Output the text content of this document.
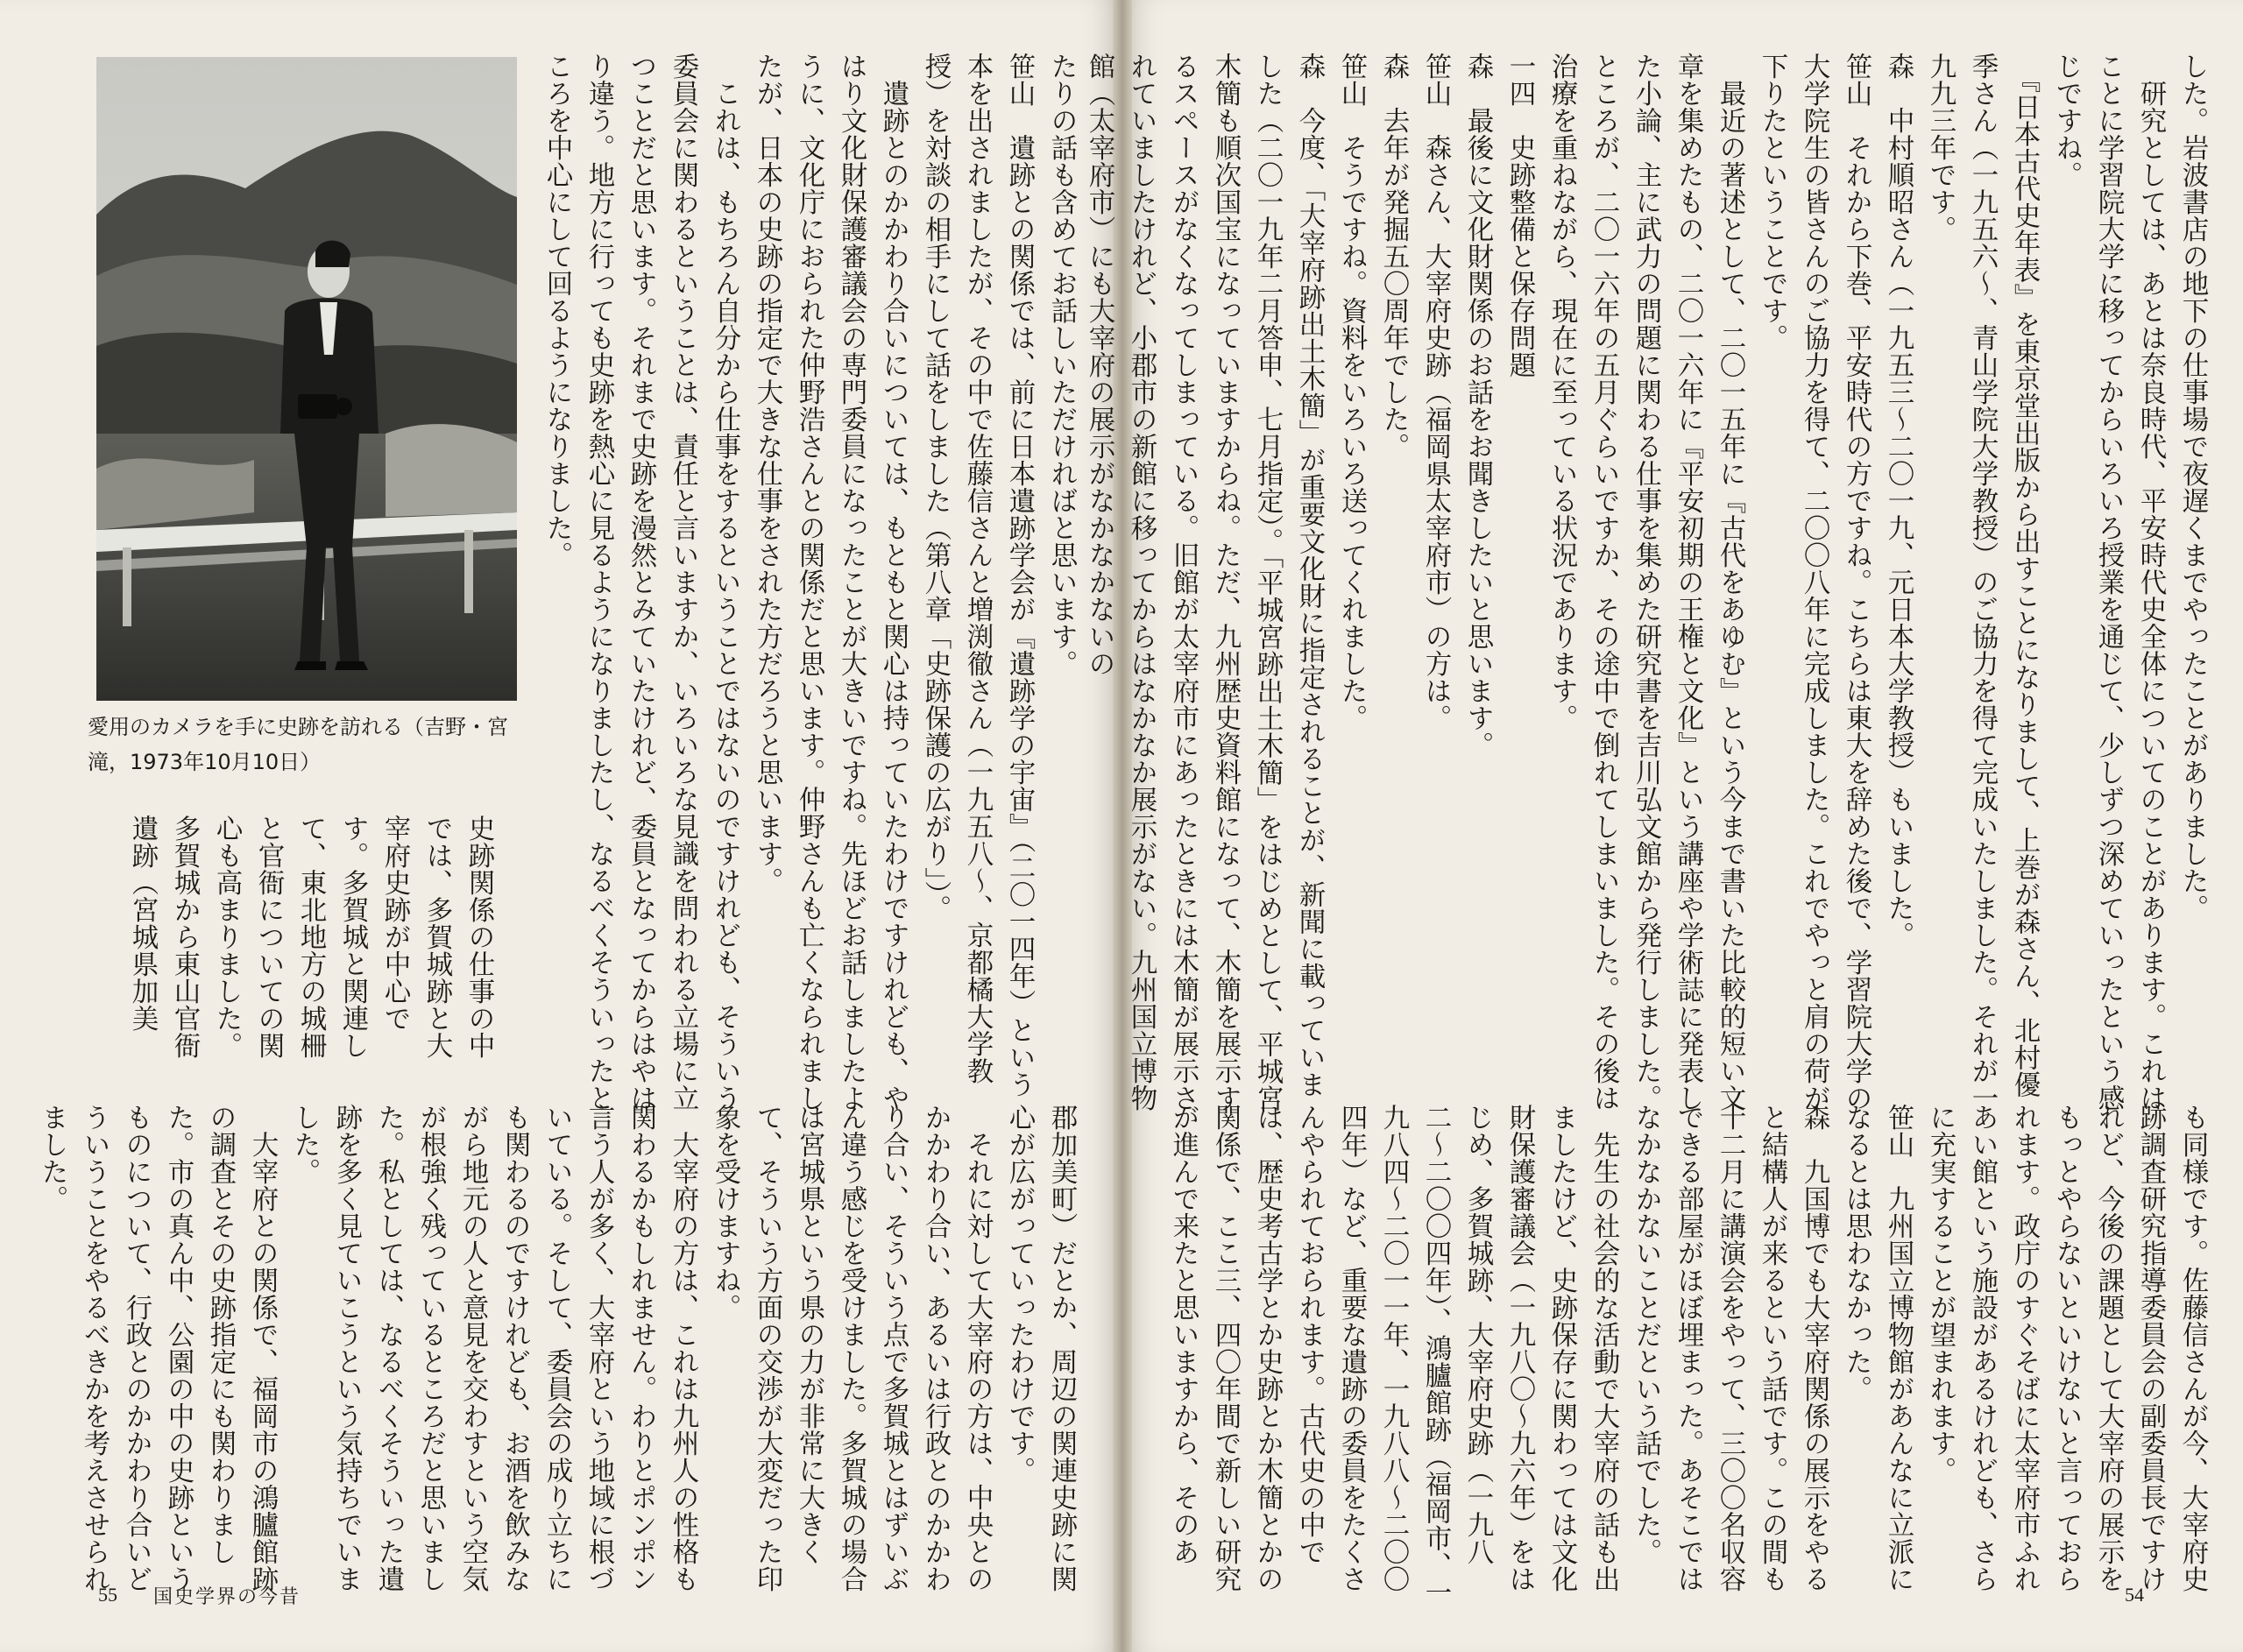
した。岩波書店の地下の仕事場で夜遅くまでやったことがありました。
　研究としては、あとは奈良時代、平安時代史全体についてのことがあります。これはことに学習院大学に移ってからいろいろ授業を通じて、少しずつ深めていったという感じですね。
　『日本古代史年表』を東京堂出版から出すことになりまして、上巻が森さん、北村優季さん（一九五六〜、青山学院大学教授）のご協力を得て完成いたしました。それが一九九三年です。
森　中村順昭さん（一九五三〜二〇一九、元日本大学教授）もいました。
笹山　それから下巻、平安時代の方ですね。こちらは東大を辞めた後で、学習院大学の大学院生の皆さんのご協力を得て、二〇〇八年に完成しました。これでやっと肩の荷が下りたということです。
　最近の著述として、二〇一五年に『古代をあゆむ』という今まで書いた比較的短い文章を集めたもの、二〇一六年に『平安初期の王権と文化』という講座や学術誌に発表した小論、主に武力の問題に関わる仕事を集めた研究書を吉川弘文館から発行しました。ところが、二〇一六年の五月ぐらいですか、その途中で倒れてしまいました。その後は治療を重ねながら、現在に至っている状況であります。
一四　史跡整備と保存問題
森　最後に文化財関係のお話をお聞きしたいと思います。
笹山　森さん、大宰府史跡（福岡県太宰府市）の方は。
森　去年が発掘五〇周年でした。
笹山　そうですね。資料をいろいろ送ってくれました。
森　今度、「大宰府跡出土木簡」が重要文化財に指定されることが、新聞に載っていました（二〇一九年二月答申、七月指定）。「平城宮跡出土木簡」をはじめとして、平城宮木簡も順次国宝になっていますからね。ただ、九州歴史資料館になって、木簡を展示するスペースがなくなってしまっている。旧館が太宰府市にあったときには木簡が展示されていましたけれど、小郡市の新館に移ってからはなかなか展示がない。九州国立博物館（太宰府市）にも大宰府の展示がなかなかないの
も同様です。佐藤信さんが今、大宰府史跡調査研究指導委員会の副委員長ですけれど、今後の課題として大宰府の展示をもっとやらないといけないと言っておられます。政庁のすぐそばに太宰府市ふれあい館という施設があるけれども、さらに充実することが望まれます。
笹山　九州国立博物館があんなに立派になるとは思わなかった。
森　九国博でも大宰府関係の展示をやると結構人が来るという話です。この間も十二月に講演会をやって、三〇〇名収容できる部屋がほぼ埋まった。あそこではなかなかないことだという話でした。
　先生の社会的な活動で大宰府の話も出ましたけど、史跡保存に関わっては文化財保護審議会（一九八〇〜九六年）をはじめ、多賀城跡、大宰府史跡（一九八二〜二〇〇四年）、鴻臚館跡（福岡市、一九八四〜二〇一一年、一九八八〜二〇〇四年）など、重要な遺跡の委員をたくさんやられておられます。古代史の中では、歴史考古学とか史跡とか木簡とかの関係で、ここ三、四〇年間で新しい研究が進んで来たと思いますから、そのあ
54
愛用のカメラを手に史跡を訪れる（吉野・宮滝，1973年10月10日）
たりの話も含めてお話しいただければと思います。
笹山　遺跡との関係では、前に日本遺跡学会が『遺跡学の宇宙』（二〇一四年）という本を出されましたが、その中で佐藤信さんと増渕徹さん（一九五八〜、京都橘大学教授）を対談の相手にして話をしました（第八章「史跡保護の広がり」）。
　遺跡とのかかわり合いについては、もともと関心は持っていたわけですけれども、やはり文化財保護審議会の専門委員になったことが大きいですね。先ほどお話しましたように、文化庁におられた仲野浩さんとの関係だと思います。仲野さんも亡くなられましたが、日本の史跡の指定で大きな仕事をされた方だろうと思います。
　これは、もちろん自分から仕事をするということではないのですけれども、そういう委員会に関わるということは、責任と言いますか、いろいろな見識を問われる立場に立つことだと思います。それまで史跡を漫然とみていたけれど、委員となってからはやはり違う。地方に行っても史跡を熱心に見るようになりましたし、なるべくそういったところを中心にして回るようになりました。
史跡関係の仕事の中では、多賀城跡と大宰府史跡が中心です。多賀城と関連して、東北地方の城柵と官衙についての関心も高まりました。多賀城から東山官衙遺跡（宮城県加美
郡加美町）だとか、周辺の関連史跡に関心が広がっていったわけです。
　それに対して大宰府の方は、中央とのかかわり合い、あるいは行政とのかかわり合い、そういう点で多賀城とはずいぶん違う感じを受けました。多賀城の場合は宮城県という県の力が非常に大きくて、そういう方面の交渉が大変だった印象を受けますね。
　大宰府の方は、これは九州人の性格も関わるかもしれません。わりとポンポン言う人が多く、大宰府という地域に根づいている。そして、委員会の成り立ちにも関わるのですけれども、お酒を飲みながら地元の人と意見を交わすという空気が根強く残っているところだと思いました。私としては、なるべくそういった遺跡を多く見ていこうという気持ちでいました。
　大宰府との関係で、福岡市の鴻臚館跡の調査とその史跡指定にも関わりました。市の真ん中、公園の中の史跡というものについて、行政とのかかわり合いどういうことをやるべきかを考えさせられました。
55 国史学界の今昔
